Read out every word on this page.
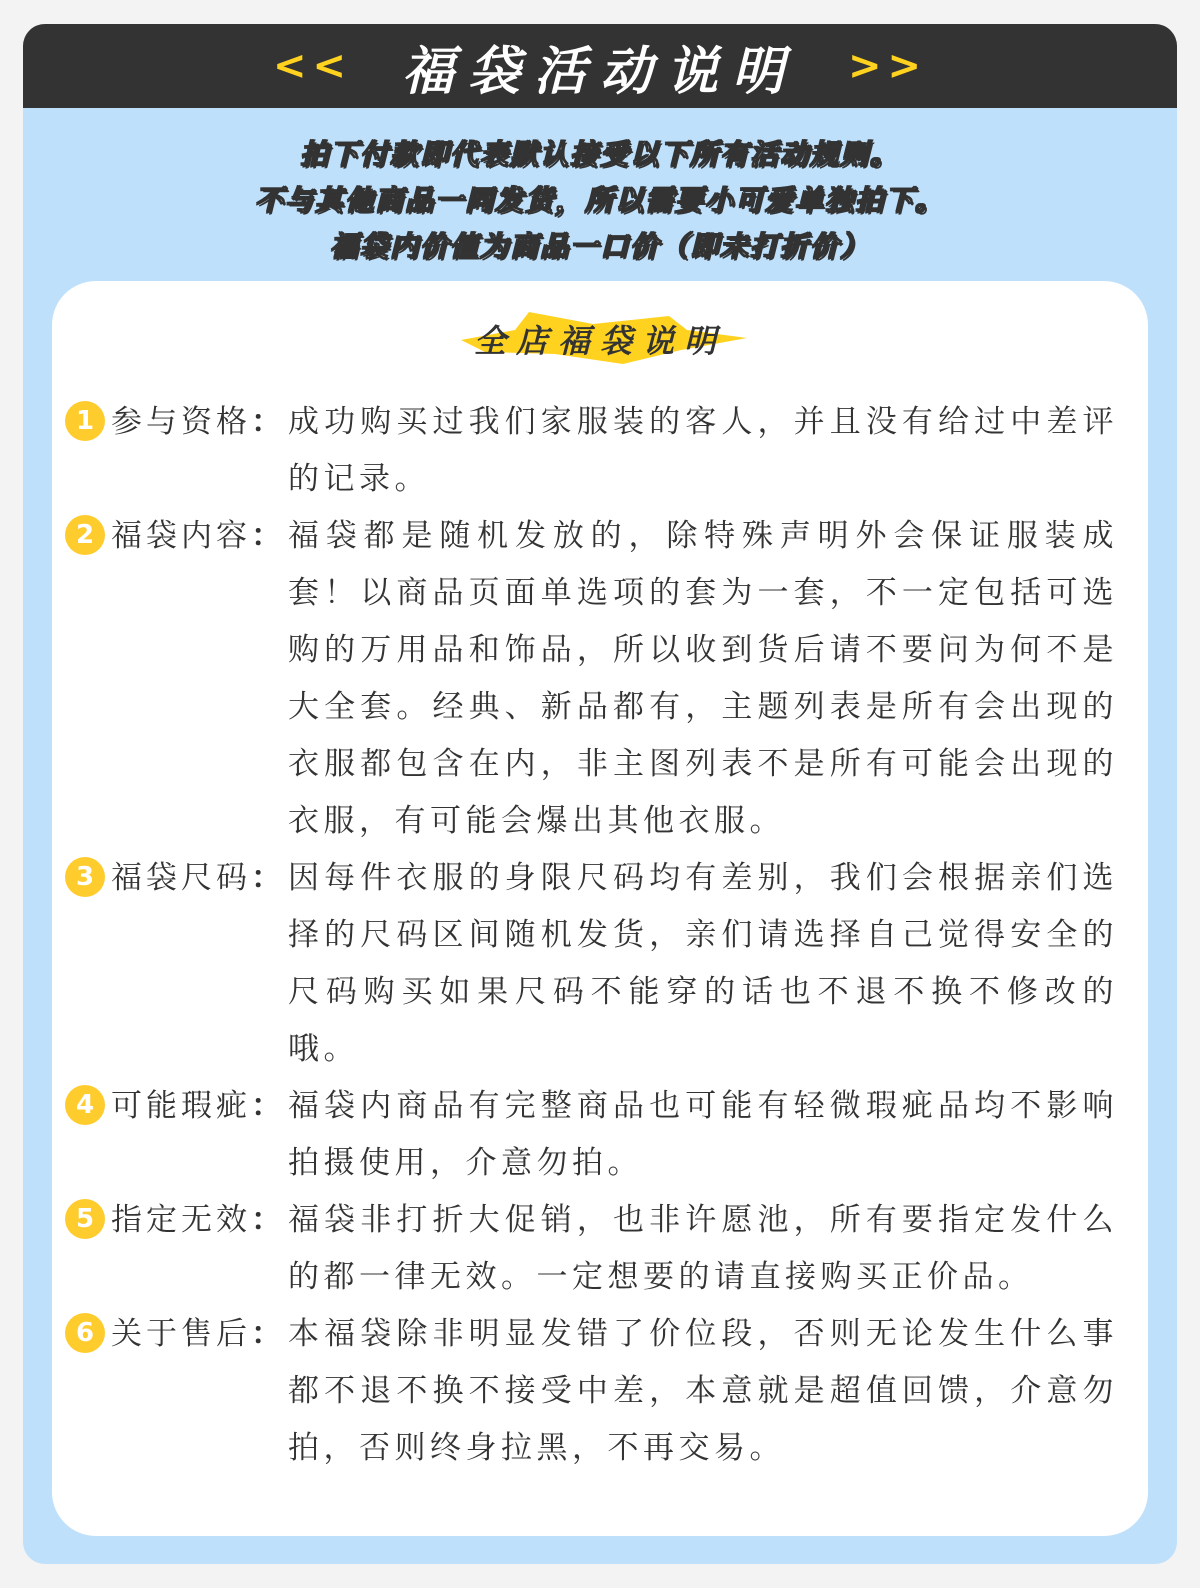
<< 福袋活动说明 >>
拍下付款即代表默认接受以下所有活动规则。
不与其他商品一同发货，所以需要小可爱单独拍下。
福袋内价值为商品一口价（即未打折价）
全店福袋说明
1 参与资格： 成功购买过我们家服装的客人，并且没有给过中差评的记录。
2 福袋内容： 福袋都是随机发放的，除特殊声明外会保证服装成套！以商品页面单选项的套为一套，不一定包括可选购的万用品和饰品，所以收到货后请不要问为何不是大全套。经典、新品都有，主题列表是所有会出现的衣服都包含在内，非主图列表不是所有可能会出现的衣服，有可能会爆出其他衣服。
3 福袋尺码： 因每件衣服的身限尺码均有差别，我们会根据亲们选择的尺码区间随机发货，亲们请选择自己觉得安全的尺码购买如果尺码不能穿的话也不退不换不修改的哦。
4 可能瑕疵： 福袋内商品有完整商品也可能有轻微瑕疵品均不影响拍摄使用，介意勿拍。
5 指定无效： 福袋非打折大促销，也非许愿池，所有要指定发什么的都一律无效。一定想要的请直接购买正价品。
6 关于售后： 本福袋除非明显发错了价位段，否则无论发生什么事都不退不换不接受中差，本意就是超值回馈，介意勿拍，否则终身拉黑，不再交易。
